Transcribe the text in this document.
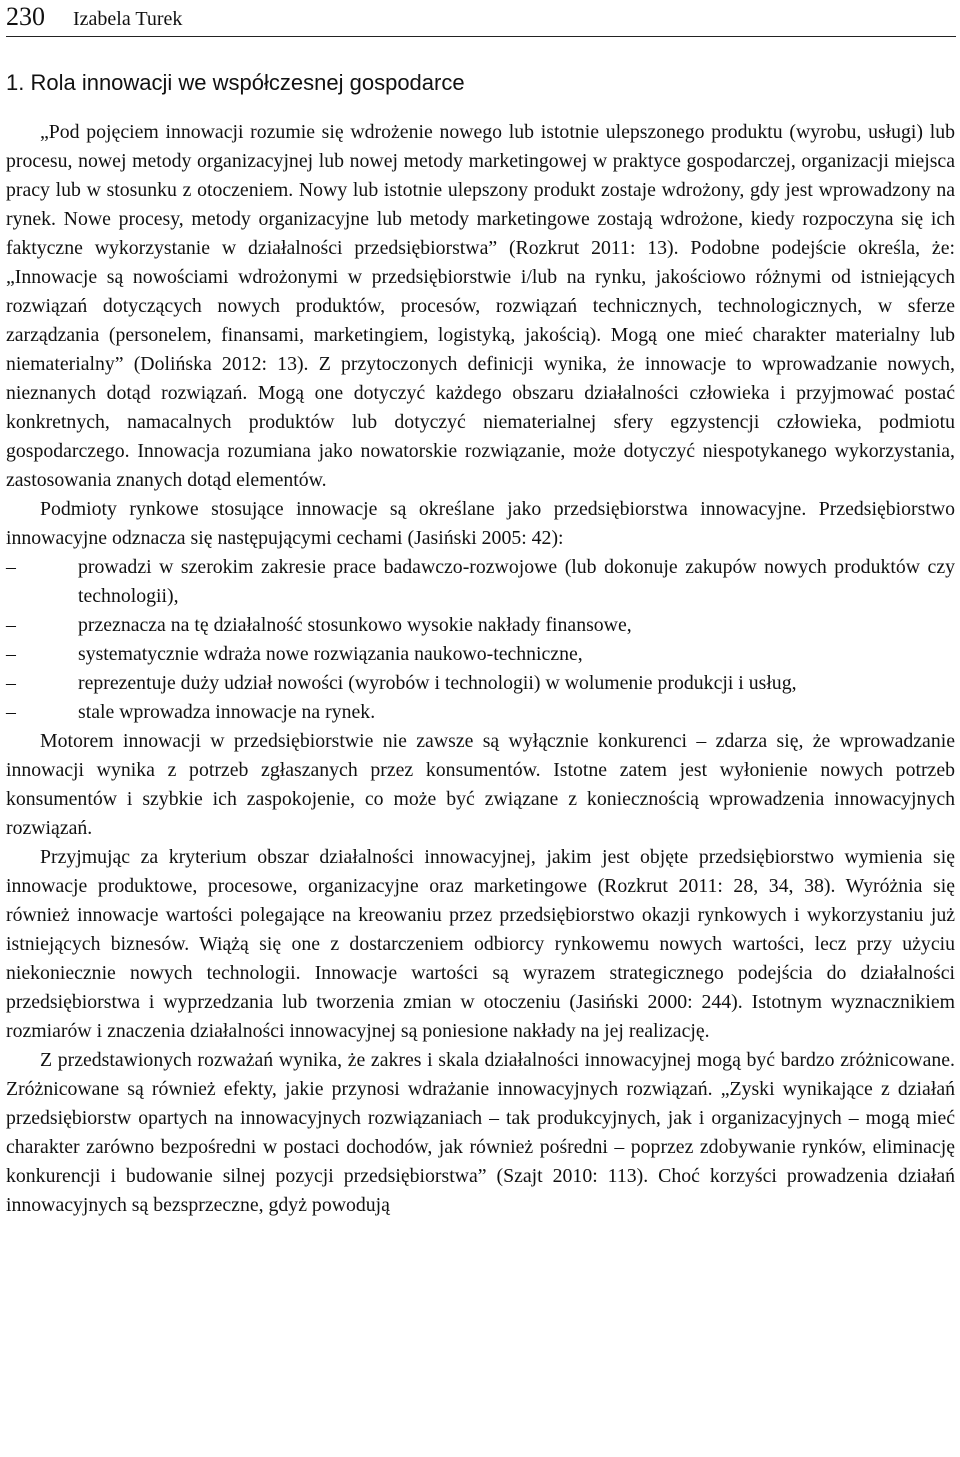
230 Izabela Turek
1. Rola innowacji we współczesnej gospodarce

„Pod pojęciem innowacji rozumie się wdrożenie nowego lub istotnie ulepszonego produktu (wyrobu, usługi) lub procesu, nowej metody organizacyjnej lub nowej metody marketingowej w praktyce gospodarczej, organizacji miejsca pracy lub w stosunku z otoczeniem. Nowy lub istotnie ulepszony produkt zostaje wdrożony, gdy jest wprowadzony na rynek. Nowe procesy, metody organizacyjne lub metody marketingowe zostają wdrożone, kiedy rozpoczyna się ich faktyczne wykorzystanie w działalności przedsiębiorstwa” (Rozkrut 2011: 13). Podobne podejście określa, że: „Innowacje są nowościami wdrożonymi w przedsiębiorstwie i/lub na rynku, jakościowo różnymi od istniejących rozwiązań dotyczących nowych produktów, procesów, rozwiązań technicznych, technologicznych, w sferze zarządzania (personelem, finansami, marketingiem, logistyką, jakością). Mogą one mieć charakter materialny lub niematerialny” (Dolińska 2012: 13). Z przytoczonych definicji wynika, że innowacje to wprowadzanie nowych, nieznanych dotąd rozwiązań. Mogą one dotyczyć każdego obszaru działalności człowieka i przyjmować postać konkretnych, namacalnych produktów lub dotyczyć niematerialnej sfery egzystencji człowieka, podmiotu gospodarczego. Innowacja rozumiana jako nowatorskie rozwiązanie, może dotyczyć niespotykanego wykorzystania, zastosowania znanych dotąd elementów.

Podmioty rynkowe stosujące innowacje są określane jako przedsiębiorstwa innowacyjne. Przedsiębiorstwo innowacyjne odznacza się następującymi cechami (Jasiński 2005: 42):

–	prowadzi w szerokim zakresie prace badawczo-rozwojowe (lub dokonuje zakupów nowych produktów czy technologii),
–	przeznacza na tę działalność stosunkowo wysokie nakłady finansowe,
–	systematycznie wdraża nowe rozwiązania naukowo-techniczne,
–	reprezentuje duży udział nowości (wyrobów i technologii) w wolumenie produkcji i usług,
–	stale wprowadza innowacje na rynek.

Motorem innowacji w przedsiębiorstwie nie zawsze są wyłącznie konkurenci – zdarza się, że wprowadzanie innowacji wynika z potrzeb zgłaszanych przez konsumentów. Istotne zatem jest wyłonienie nowych potrzeb konsumentów i szybkie ich zaspokojenie, co może być związane z koniecznością wprowadzenia innowacyjnych rozwiązań.

Przyjmując za kryterium obszar działalności innowacyjnej, jakim jest objęte przedsiębiorstwo wymienia się innowacje produktowe, procesowe, organizacyjne oraz marketingowe (Rozkrut 2011: 28, 34, 38). Wyróżnia się również innowacje wartości polegające na kreowaniu przez przedsiębiorstwo okazji rynkowych i wykorzystaniu już istniejących biznesów. Wiążą się one z dostarczeniem odbiorcy rynkowemu nowych wartości, lecz przy użyciu niekoniecznie nowych technologii. Innowacje wartości są wyrazem strategicznego podejścia do działalności przedsiębiorstwa i wyprzedzania lub tworzenia zmian w otoczeniu (Jasiński 2000: 244). Istotnym wyznacznikiem rozmiarów i znaczenia działalności innowacyjnej są poniesione nakłady na jej realizację.

Z przedstawionych rozważań wynika, że zakres i skala działalności innowacyjnej mogą być bardzo zróżnicowane. Zróżnicowane są również efekty, jakie przynosi wdrażanie innowacyjnych rozwiązań. „Zyski wynikające z działań przedsiębiorstw opartych na innowacyjnych rozwiązaniach – tak produkcyjnych, jak i organizacyjnych – mogą mieć charakter zarówno bezpośredni w postaci dochodów, jak również pośredni – poprzez zdobywanie rynków, eliminację konkurencji i budowanie silnej pozycji przedsiębiorstwa” (Szajt 2010: 113). Choć korzyści prowadzenia działań innowacyjnych są bezsprzeczne, gdyż powodują
